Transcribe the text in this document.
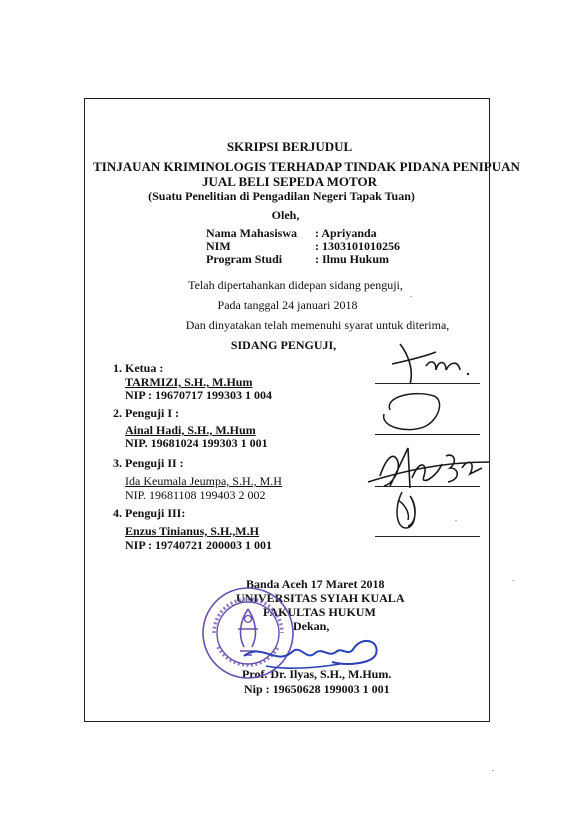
SKRIPSI BERJUDUL
TINJAUAN KRIMINOLOGIS TERHADAP TINDAK PIDANA PENIPUAN
JUAL BELI SEPEDA MOTOR
(Suatu Penelitian di Pengadilan Negeri Tapak Tuan)
Oleh,
Nama Mahasiswa : Apriyanda
NIM	: 1303101010256
Program Studi	: Ilmu Hukum
Telah dipertahankan didepan sidang penguji,
Pada tanggal 24 januari 2018
Dan dinyatakan telah memenuhi syarat untuk diterima,
SIDANG PENGUJI,
1. Ketua :
TARMIZI, S.H., M.Hum
NIP : 19670717 199303 1 004
2. Penguji I :
Ainal Hadi, S.H., M.Hum
NIP. 19681024 199303 1 001
3. Penguji II :
Ida Keumala Jeumpa, S.H., M.H
NIP. 19681108 199403 2 002
4. Penguji III:
Enzus Tinianus, S.H.,M.H
NIP : 19740721 200003 1 001
Banda Aceh 17 Maret 2018
UNIVERSITAS SYIAH KUALA
FAKULTAS HUKUM
Dekan,
Prof. Dr. Ilyas, S.H., M.Hum.
Nip : 19650628 199003 1 001
